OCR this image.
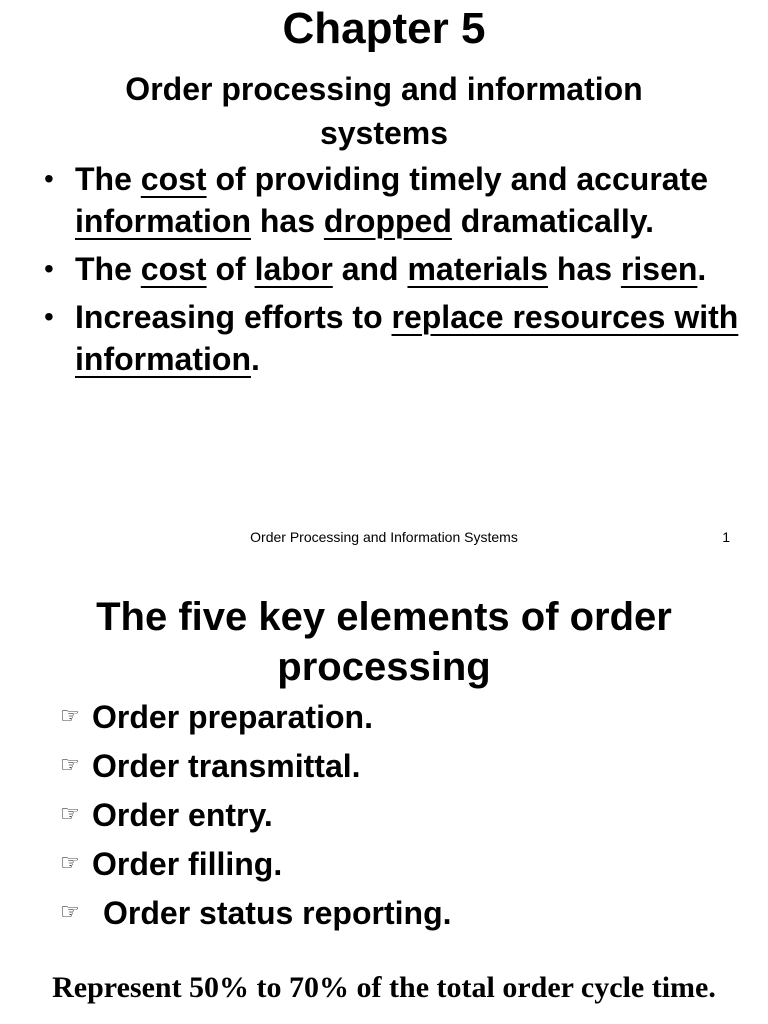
Chapter 5
Order processing and information systems
• The cost of providing timely and accurate information has dropped dramatically.
• The cost of labor and materials has risen.
• Increasing efforts to replace resources with information.
Order Processing and Information Systems	1
The five key elements of order processing
☞ Order preparation.
☞ Order transmittal.
☞ Order entry.
☞ Order filling.
☞ Order status reporting.
Represent 50% to 70% of the total order cycle time.
